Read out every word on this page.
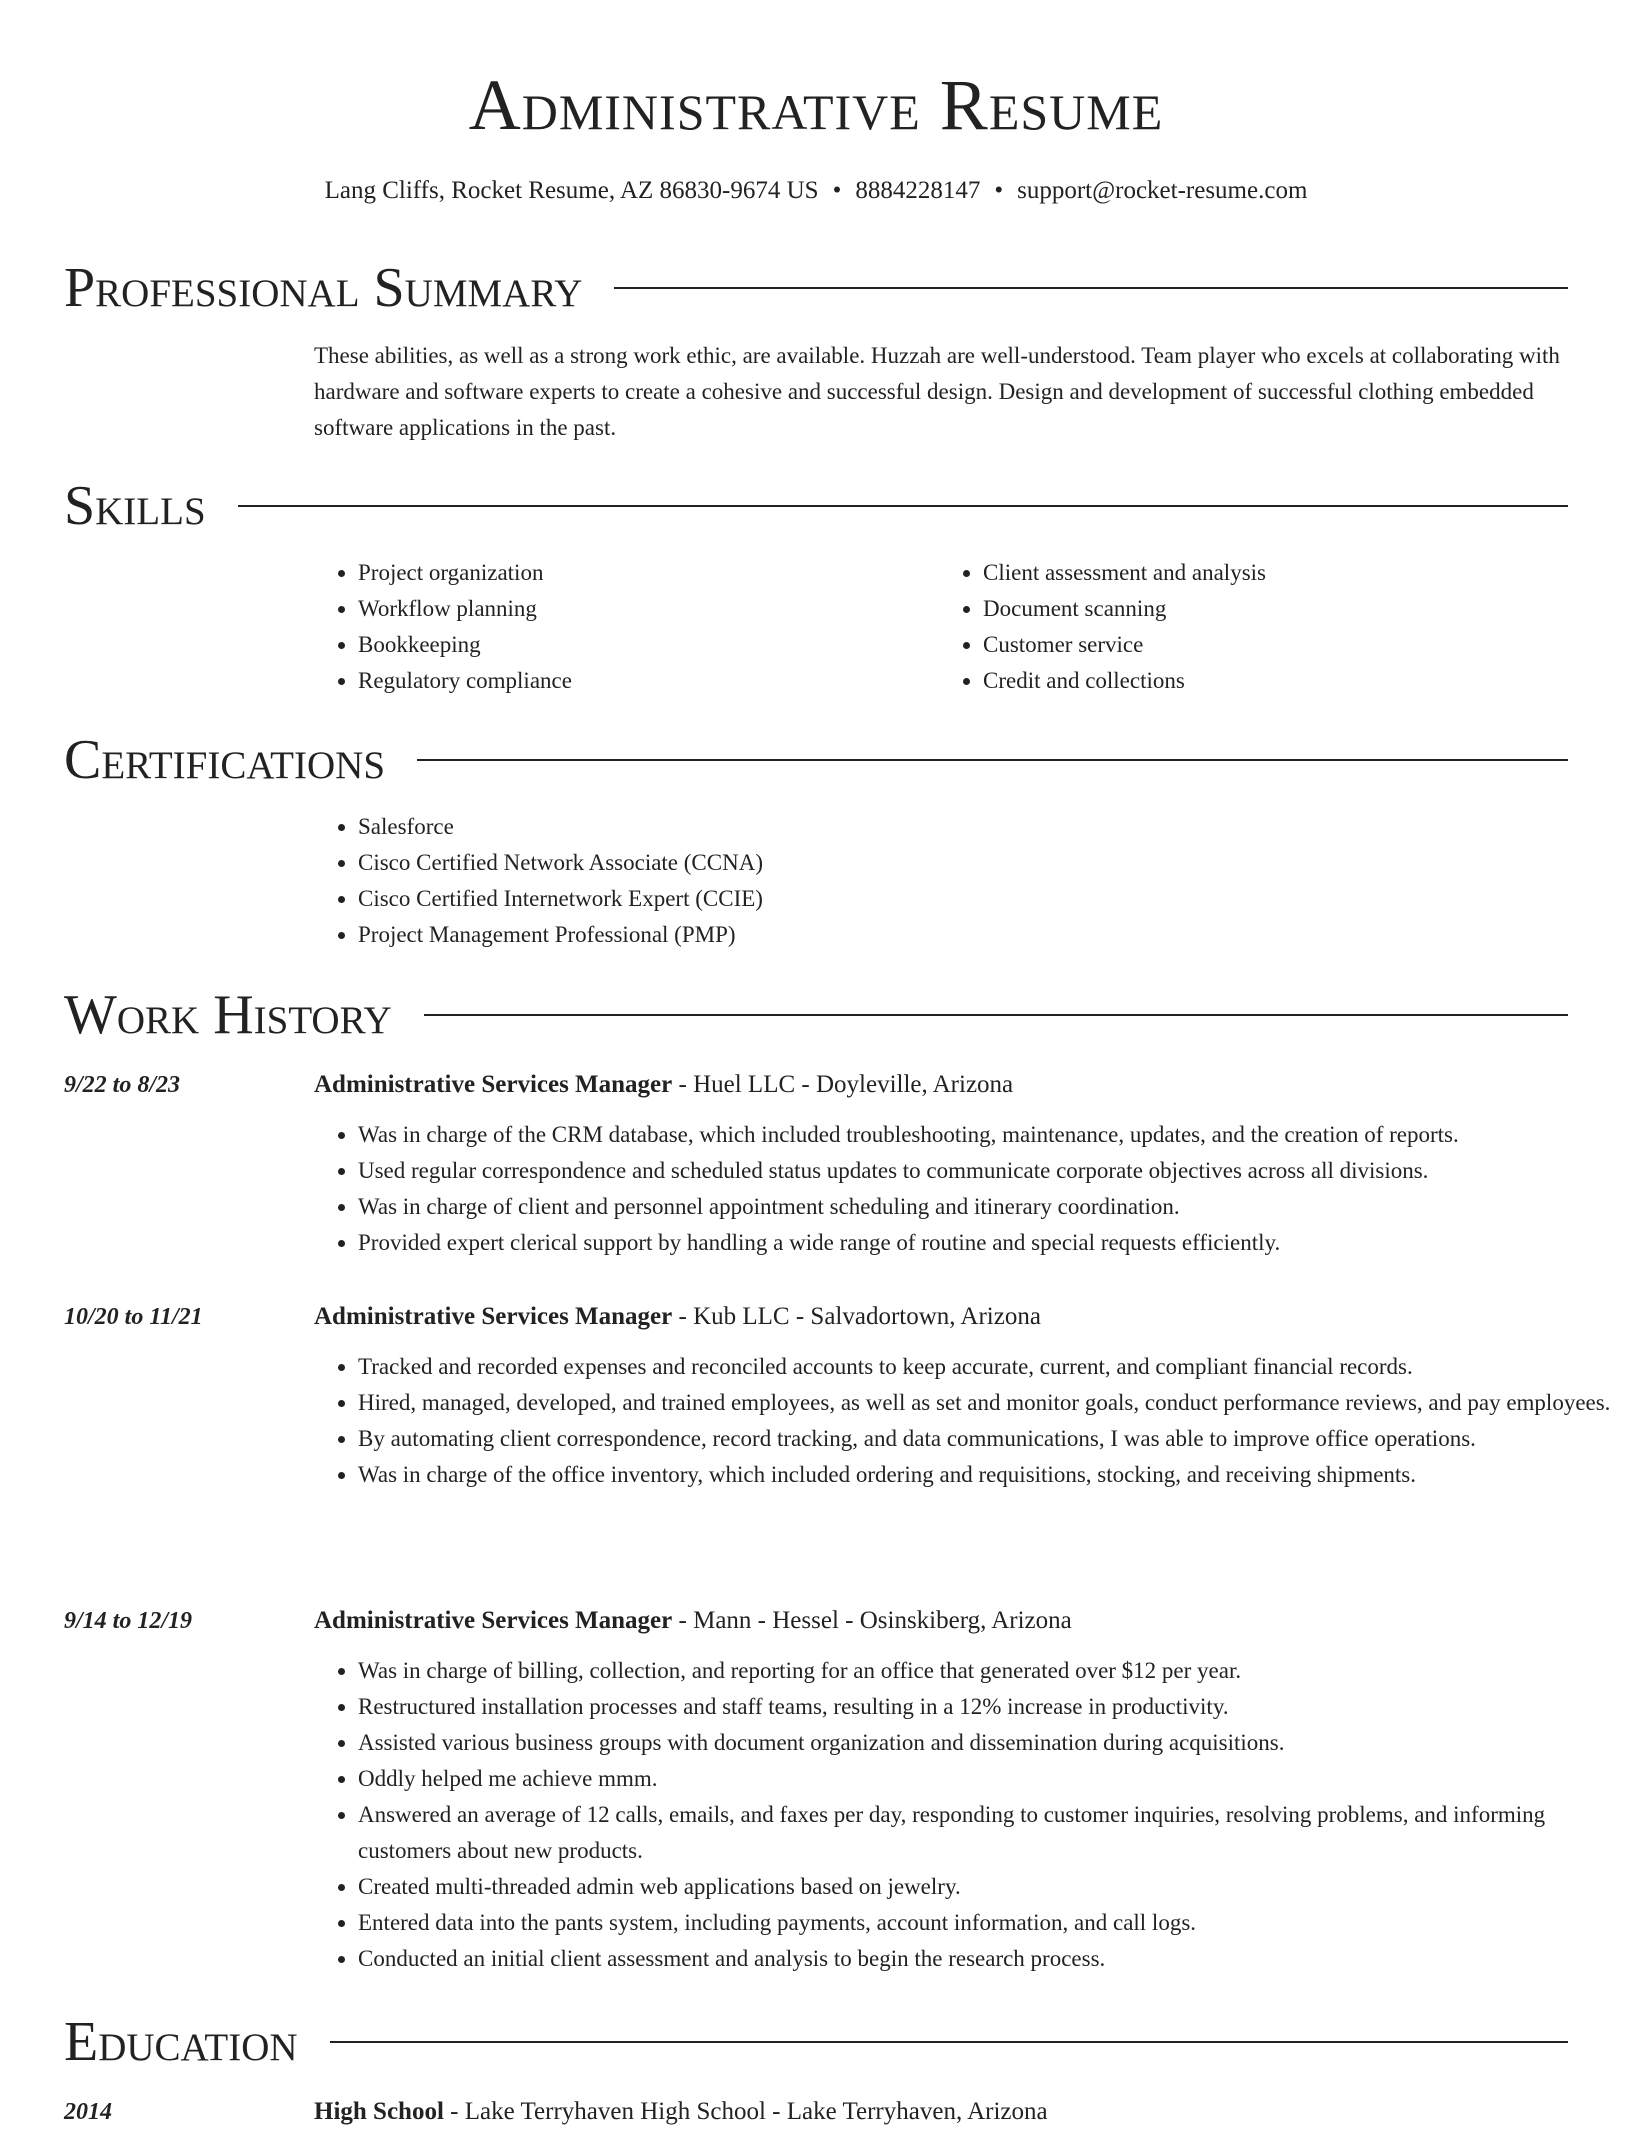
Administrative Resume
Lang Cliffs, Rocket Resume, AZ 86830-9674 US • 8884228147 • support@rocket-resume.com
Professional Summary
These abilities, as well as a strong work ethic, are available. Huzzah are well-understood. Team player who excels at collaborating with hardware and software experts to create a cohesive and successful design. Design and development of successful clothing embedded software applications in the past.
Skills
• Project organization
• Workflow planning
• Bookkeeping
• Regulatory compliance
• Client assessment and analysis
• Document scanning
• Customer service
• Credit and collections
Certifications
• Salesforce
• Cisco Certified Network Associate (CCNA)
• Cisco Certified Internetwork Expert (CCIE)
• Project Management Professional (PMP)
Work History
9/22 to 8/23	Administrative Services Manager - Huel LLC - Doyleville, Arizona
• Was in charge of the CRM database, which included troubleshooting, maintenance, updates, and the creation of reports.
• Used regular correspondence and scheduled status updates to communicate corporate objectives across all divisions.
• Was in charge of client and personnel appointment scheduling and itinerary coordination.
• Provided expert clerical support by handling a wide range of routine and special requests efficiently.
10/20 to 11/21	Administrative Services Manager - Kub LLC - Salvadortown, Arizona
• Tracked and recorded expenses and reconciled accounts to keep accurate, current, and compliant financial records.
• Hired, managed, developed, and trained employees, as well as set and monitor goals, conduct performance reviews, and pay employees.
• By automating client correspondence, record tracking, and data communications, I was able to improve office operations.
• Was in charge of the office inventory, which included ordering and requisitions, stocking, and receiving shipments.
9/14 to 12/19	Administrative Services Manager - Mann - Hessel - Osinskiberg, Arizona
• Was in charge of billing, collection, and reporting for an office that generated over $12 per year.
• Restructured installation processes and staff teams, resulting in a 12% increase in productivity.
• Assisted various business groups with document organization and dissemination during acquisitions.
• Oddly helped me achieve mmm.
• Answered an average of 12 calls, emails, and faxes per day, responding to customer inquiries, resolving problems, and informing customers about new products.
• Created multi-threaded admin web applications based on jewelry.
• Entered data into the pants system, including payments, account information, and call logs.
• Conducted an initial client assessment and analysis to begin the research process.
Education
2014	High School - Lake Terryhaven High School - Lake Terryhaven, Arizona
